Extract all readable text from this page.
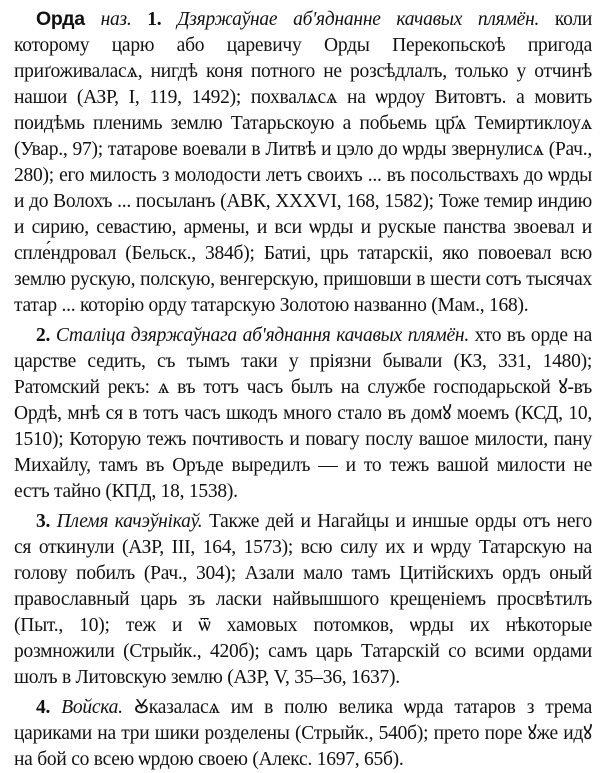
Орда наз. 1. Дзяржаўнае аб'яднанне качавых плямён. коли которому царю або царевичу Орды Перекопьскоѣ пригода приґоживаласѧ, нигдѣ коня потного не розсѣдлалъ, только у отчинѣ нашои (АЗР, I, 119, 1492); похвалѧсѧ на ѡрдоу Витовтъ. а мовить поидѣмь пленимь землю Татарьскоую а побьемь цр҃ѧ Темиртиклоуѧ (Увар., 97); татарове воевали в Литвѣ и цэло до ѡрды звернулисѧ (Рач., 280); его милость з молодости летъ своихъ ... въ посольствахъ до ѡрды и до Волохъ ... посыланъ (АВК, XXXVI, 168, 1582); Тоже темир индию и сирию, севастию, армены, и вси ѡрды и рускые панства звоевал и спле́ндровал (Бельск., 384б); Батиі, црь татарскіі, яко повоевал всю землю рускую, полскую, венгерскую, пришовши в шести сотъ тысячах татар ... которію орду татарскую Золотою названно (Мам., 168).

2. Сталіца дзяржаўнага аб'яднання качавых плямён. хто въ орде на царстве седить, съ тымъ таки у пріязни бывали (КЗ, 331, 1480); Ратомский рекъ: ѧ въ тотъ часъ былъ на службе господарьской ꙋ-въ Ордѣ, мнѣ ся в тотъ часъ шкодъ много стало въ домꙋ моемъ (КСД, 10, 1510); Которую тежъ почтивость и повагу послу вашое милости, пану Михайлу, тамъ въ Оръде выредилъ — и то тежъ вашой милости не естъ тайно (КПД, 18, 1538).

3. Племя качэўнікаў. Также дей и Нагайцы и иншые орды отъ него ся откинули (АЗР, III, 164, 1573); всю силу их и ѡрду Татарскую на голову побилъ (Рач., 304); Азали мало тамъ Цитійскихъ ордъ оный православный царь зъ ласки найвышшого крещеніемъ просвѣтилъ (Пыт., 10); теж и ѿ хамовых потомков, ѡрды их нѣкоторые розмножили (Стрыйк., 420б); самъ царь Татарскій со всими ордами шолъ в Литовскую землю (АЗР, V, 35–36, 1637).

4. Войска. Ꙋказаласѧ им в полю велика ѡрда татаров з трема цариками на три шики розделены (Стрыйк., 540б); прето поре ꙋже идꙋ на бой со всею ѡрдою своею (Алекс. 1697, 65б).
